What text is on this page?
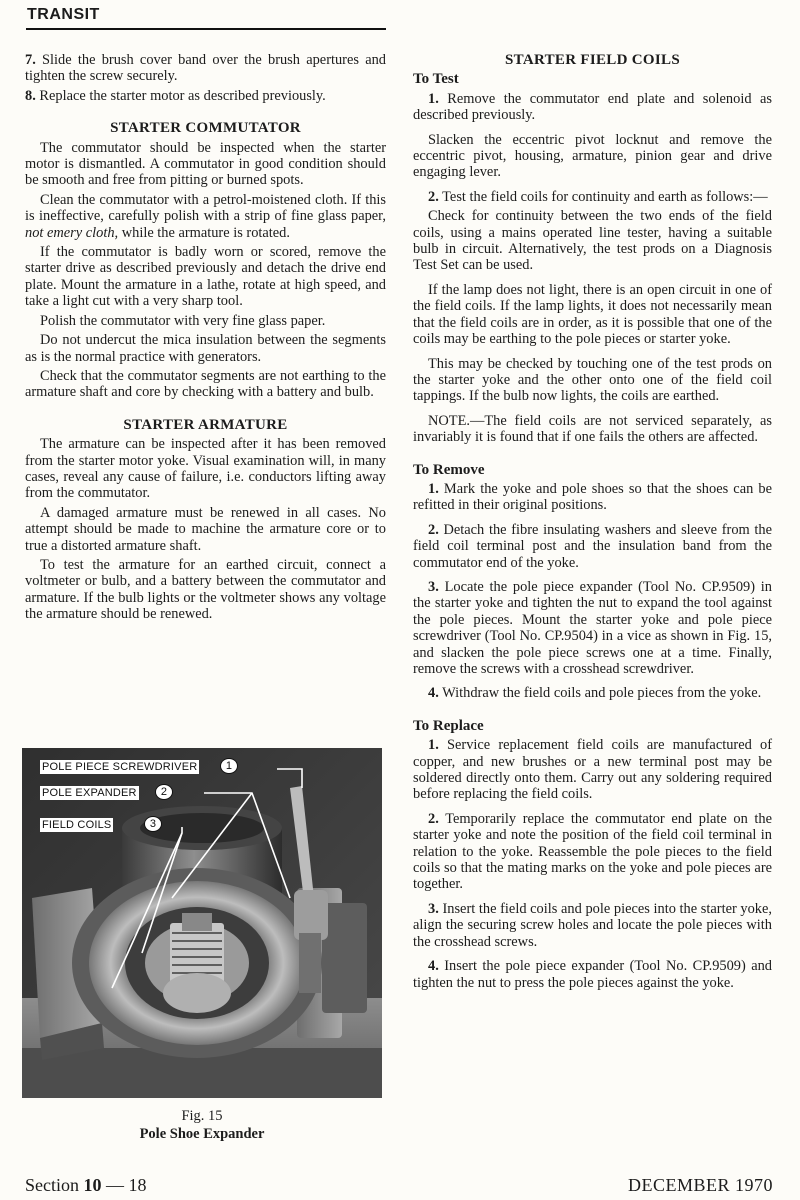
TRANSIT

7. Slide the brush cover band over the brush apertures and tighten the screw securely.

8. Replace the starter motor as described previously.

STARTER COMMUTATOR

The commutator should be inspected when the starter motor is dismantled. A commutator in good condition should be smooth and free from pitting or burned spots.

Clean the commutator with a petrol-moistened cloth. If this is ineffective, carefully polish with a strip of fine glass paper, not emery cloth, while the armature is rotated.

If the commutator is badly worn or scored, remove the starter drive as described previously and detach the drive end plate. Mount the armature in a lathe, rotate at high speed, and take a light cut with a very sharp tool.

Polish the commutator with very fine glass paper.

Do not undercut the mica insulation between the segments as is the normal practice with generators.

Check that the commutator segments are not earthing to the armature shaft and core by checking with a battery and bulb.

STARTER ARMATURE

The armature can be inspected after it has been removed from the starter motor yoke. Visual examination will, in many cases, reveal any cause of failure, i.e. conductors lifting away from the commutator.

A damaged armature must be renewed in all cases. No attempt should be made to machine the armature core or to true a distorted armature shaft.

To test the armature for an earthed circuit, connect a voltmeter or bulb, and a battery between the commutator and armature. If the bulb lights or the voltmeter shows any voltage the armature should be renewed.

POLE PIECE SCREWDRIVER
POLE EXPANDER
FIELD COILS
1
2
3
Fig. 15
Pole Shoe Expander
STARTER FIELD COILS
To Test

1. Remove the commutator end plate and solenoid as described previously.

Slacken the eccentric pivot locknut and remove the eccentric pivot, housing, armature, pinion gear and drive engaging lever.

2. Test the field coils for continuity and earth as follows:—

Check for continuity between the two ends of the field coils, using a mains operated line tester, having a suitable bulb in circuit. Alternatively, the test prods on a Diagnosis Test Set can be used.

If the lamp does not light, there is an open circuit in one of the field coils. If the lamp lights, it does not necessarily mean that the field coils are in order, as it is possible that one of the coils may be earthing to the pole pieces or starter yoke.

This may be checked by touching one of the test prods on the starter yoke and the other onto one of the field coil tappings. If the bulb now lights, the coils are earthed.

NOTE.—The field coils are not serviced separately, as invariably it is found that if one fails the others are affected.

To Remove

1. Mark the yoke and pole shoes so that the shoes can be refitted in their original positions.

2. Detach the fibre insulating washers and sleeve from the field coil terminal post and the insulation band from the commutator end of the yoke.

3. Locate the pole piece expander (Tool No. CP.9509) in the starter yoke and tighten the nut to expand the tool against the pole pieces. Mount the starter yoke and pole piece screwdriver (Tool No. CP.9504) in a vice as shown in Fig. 15, and slacken the pole piece screws one at a time. Finally, remove the screws with a crosshead screwdriver.

4. Withdraw the field coils and pole pieces from the yoke.

To Replace

1. Service replacement field coils are manufactured of copper, and new brushes or a new terminal post may be soldered directly onto them. Carry out any soldering required before replacing the field coils.

2. Temporarily replace the commutator end plate on the starter yoke and note the position of the field coil terminal in relation to the yoke. Reassemble the pole pieces to the field coils so that the mating marks on the yoke and pole pieces are together.

3. Insert the field coils and pole pieces into the starter yoke, align the securing screw holes and locate the pole pieces with the crosshead screws.

4. Insert the pole piece expander (Tool No. CP.9509) and tighten the nut to press the pole pieces against the yoke.

Section 10 — 18	DECEMBER 1970
